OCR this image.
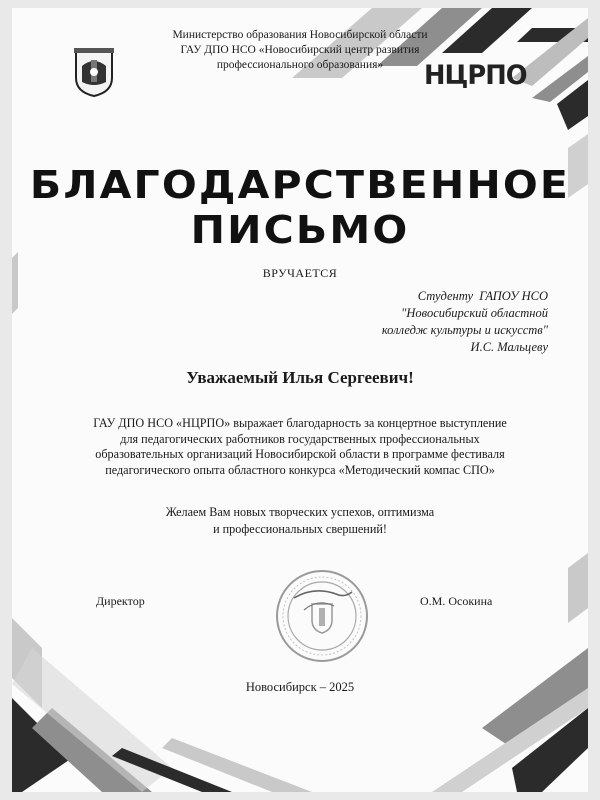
Министерство образования Новосибирской области
ГАУ ДПО НСО «Новосибирский центр развития
профессионального образования»	НЦРПО
БЛАГОДАРСТВЕННОЕ
ПИСЬМО
ВРУЧАЕТСЯ
Студенту  ГАПОУ НСО
"Новосибирский областной
колледж культуры и искусств"
И.С. Мальцеву
Уважаемый Илья Сергеевич!
ГАУ ДПО НСО «НЦРПО» выражает благодарность за концертное выступление
для педагогических работников государственных профессиональных
образовательных организаций Новосибирской области в программе фестиваля
педагогического опыта областного конкурса «Методический компас СПО»
Желаем Вам новых творческих успехов, оптимизма
и профессиональных свершений!
Директор	О.М. Осокина
Новосибирск – 2025
